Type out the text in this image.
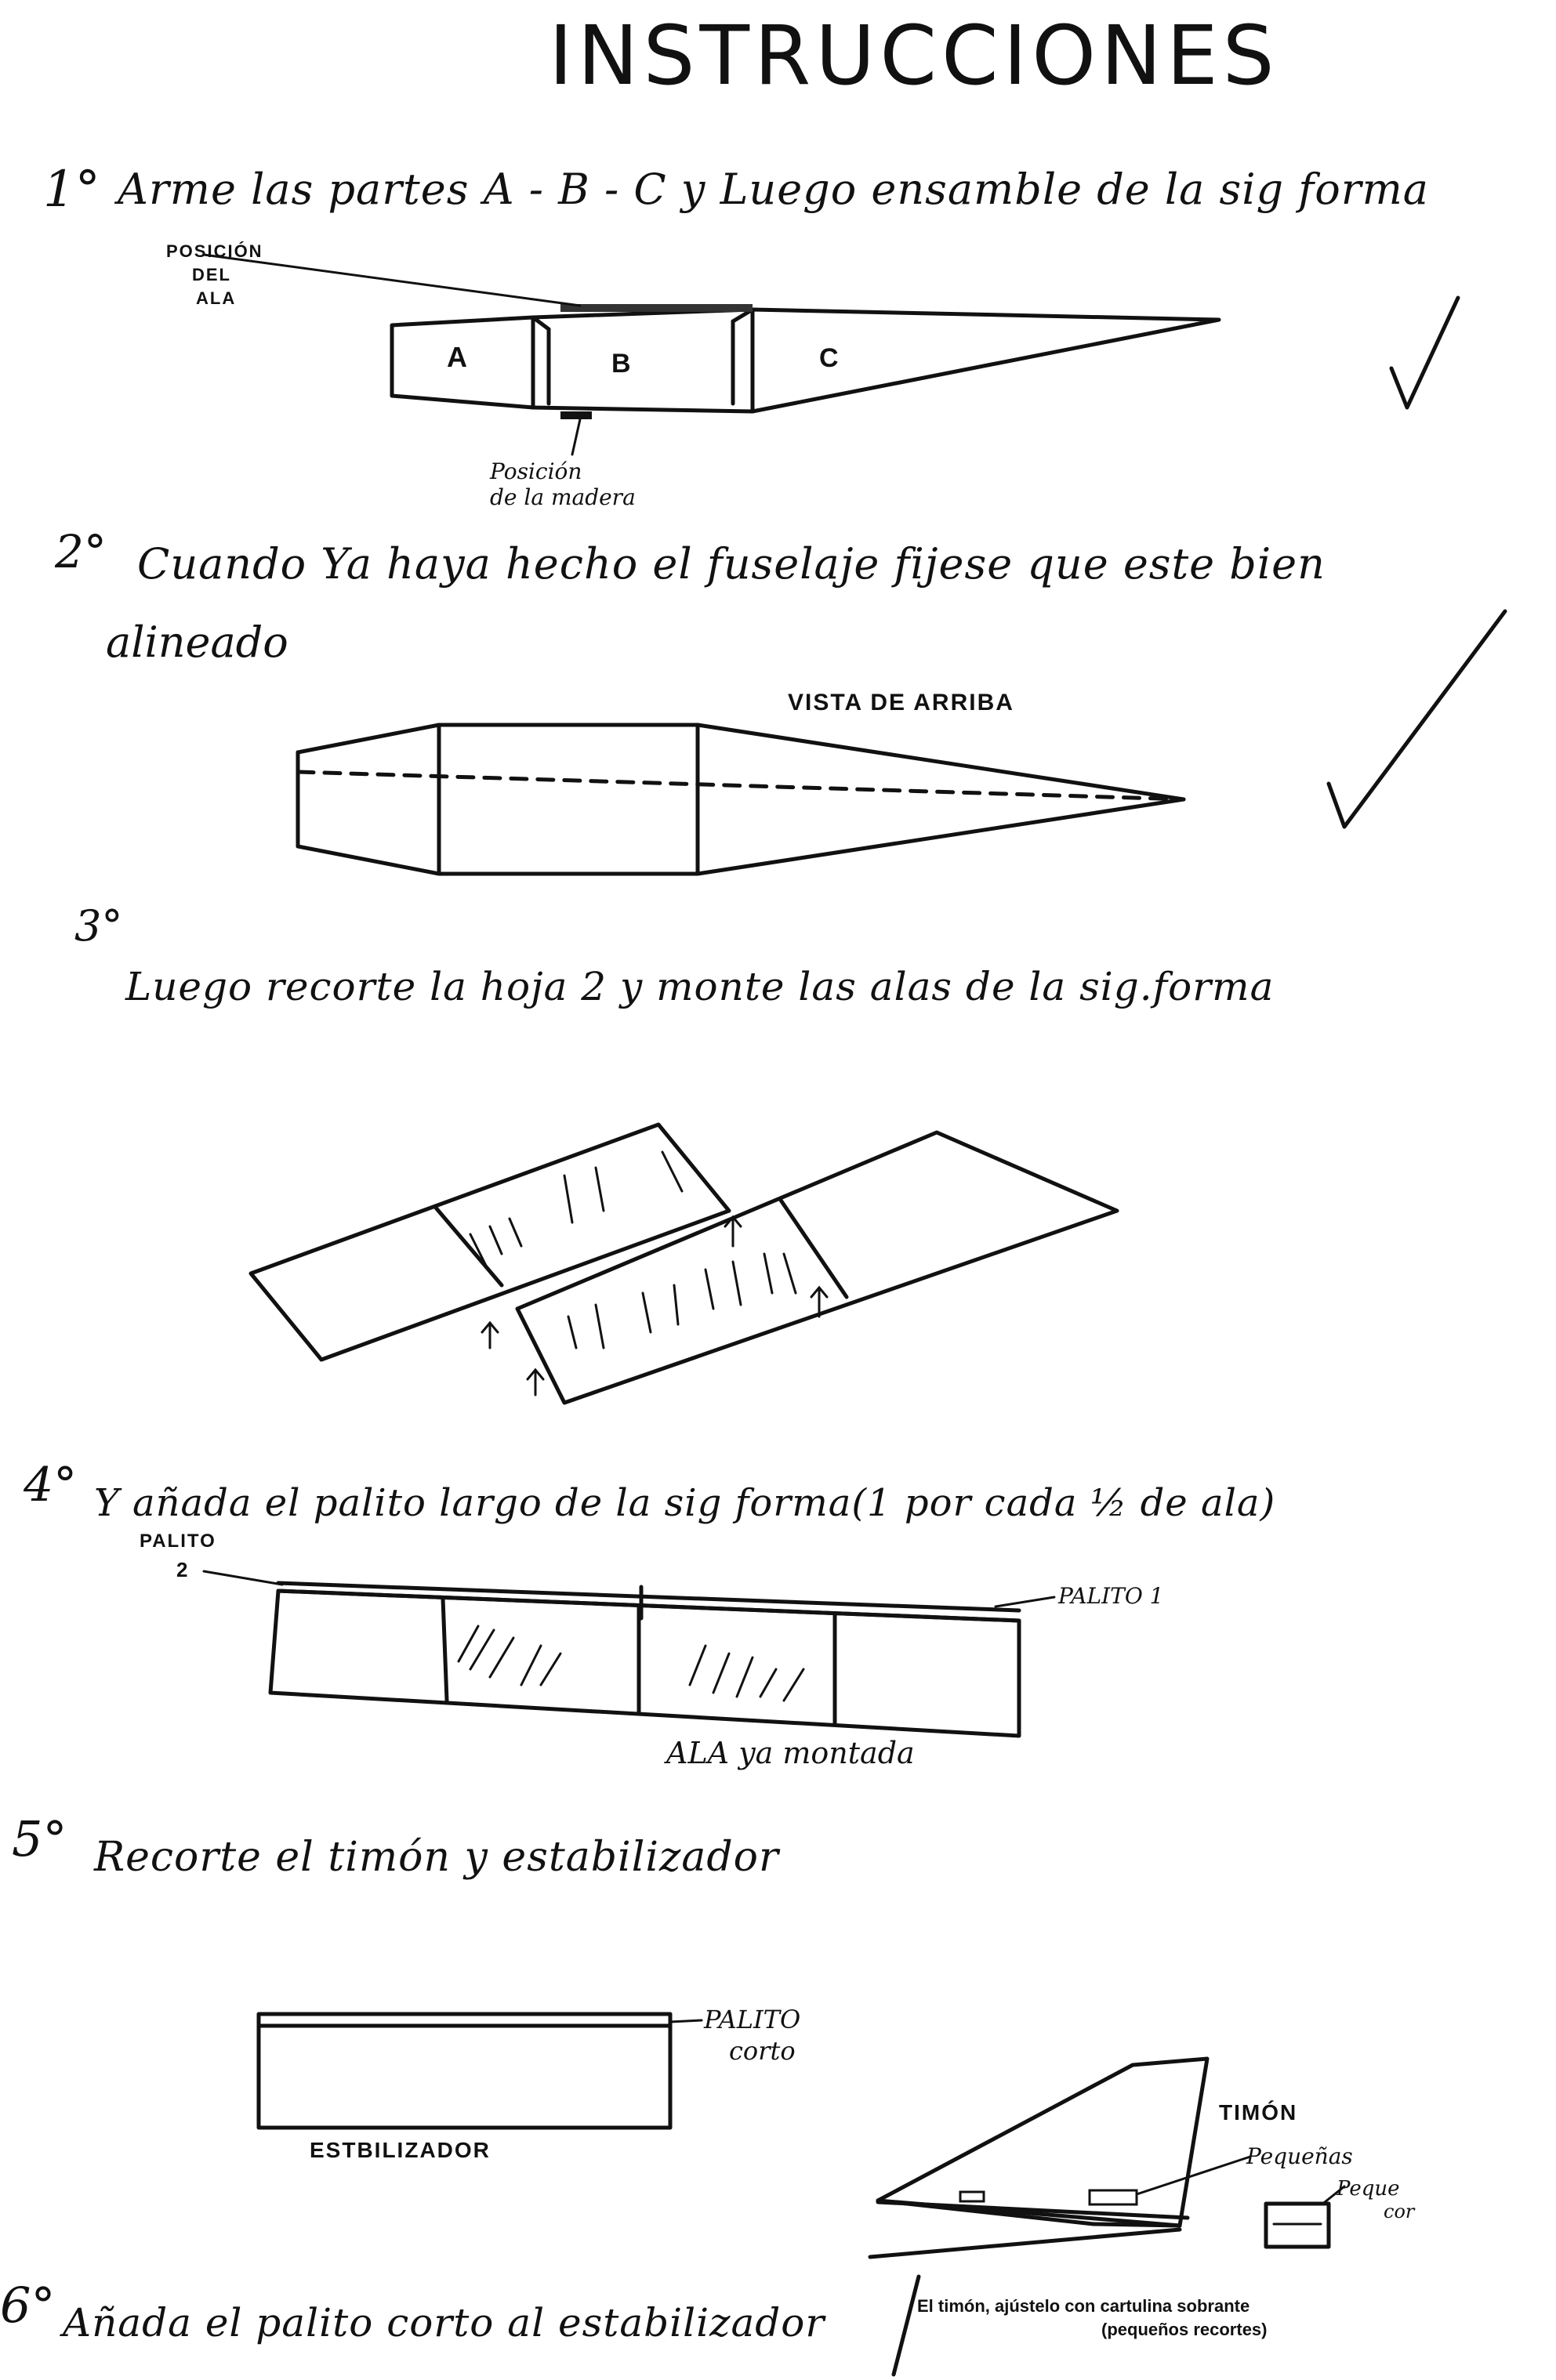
INSTRUCCIONES
1° Arme las partes A - B - C y Luego ensamble de la sig forma
POSICIÓN
DEL
ALA
A	B	C
Posición
de la madera
2° Cuando Ya haya hecho el fuselaje fijese que este bien
alineado
VISTA DE ARRIBA
3°
Luego recorte la hoja 2 y monte las alas de la sig.forma
4° Y añada el palito largo de la sig forma(1 por cada ½ de ala)
PALITO
2
PALITO 1
ALA ya montada
5° Recorte el timón y estabilizador
PALITO
corto
ESTBILIZADOR
TIMÓN
Pequeñas
Peque
cor
6° Añada el palito corto al estabilizador	El timón, ajústelo con cartulina sobrante
(pequeños recortes)
